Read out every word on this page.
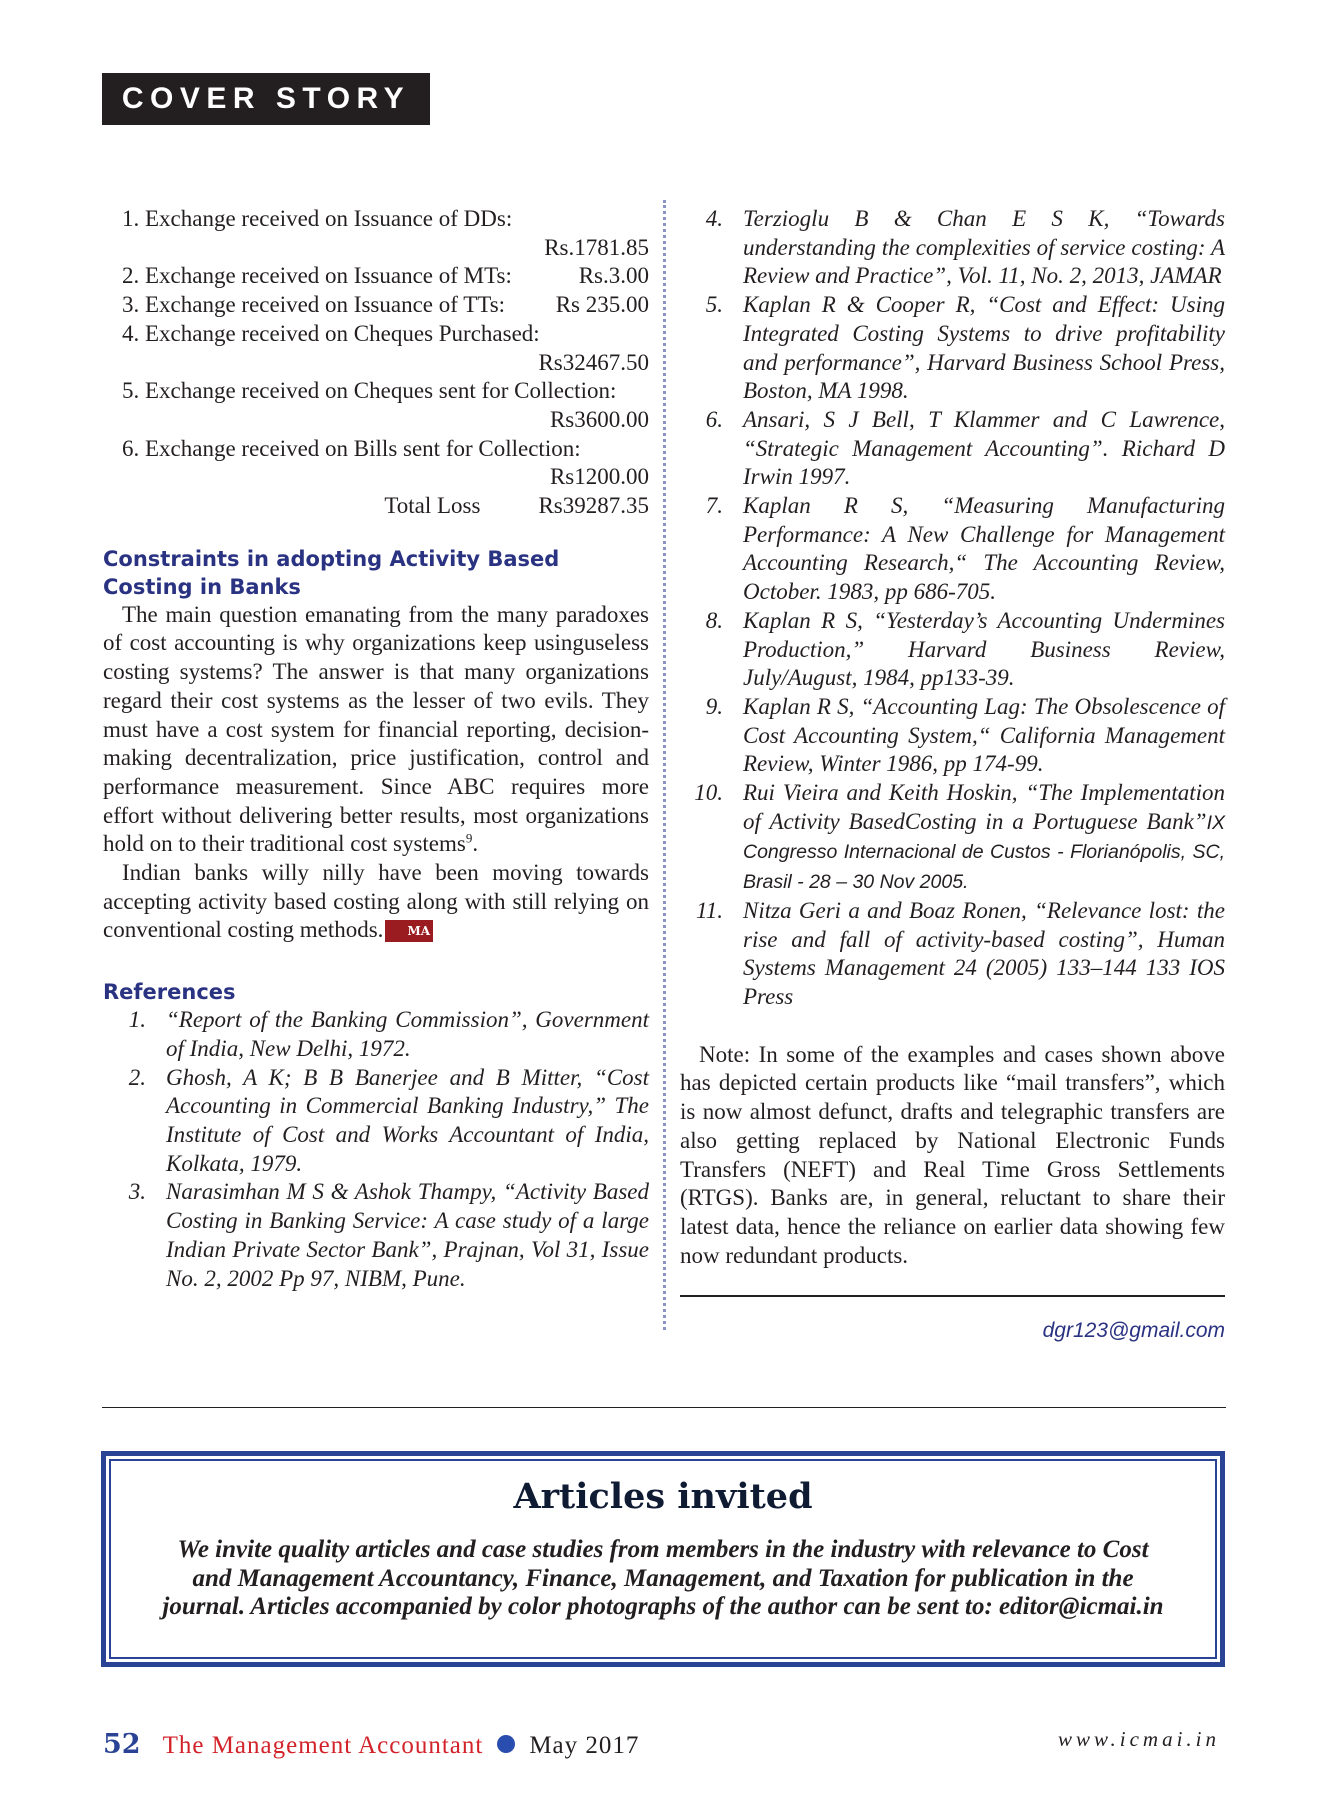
COVER STORY
1. Exchange received on Issuance of DDs:
Rs.1781.85
2. Exchange received on Issuance of MTs:	Rs.3.00
3. Exchange received on Issuance of TTs: Rs 235.00
4. Exchange received on Cheques Purchased:
Rs32467.50
5. Exchange received on Cheques sent for Collection:
Rs3600.00
6. Exchange received on Bills sent for Collection:
Rs1200.00
Total Loss	Rs39287.35
Constraints in adopting Activity Based Costing in Banks

The main question emanating from the many paradoxes of cost accounting is why organizations keep usinguseless costing systems? The answer is that many organizations regard their cost systems as the lesser of two evils. They must have a cost system for financial reporting, decision-making decentralization, price justification, control and performance measurement. Since ABC requires more effort without delivering better results, most organizations hold on to their traditional cost systems$^9$.

Indian banks willy nilly have been moving towards accepting activity based costing along with still relying on conventional costing methods. MA

References
1. “Report of the Banking Commission”, Government of India, New Delhi, 1972.
2. Ghosh, A K; B B Banerjee and B Mitter, “Cost Accounting in Commercial Banking Industry,” The Institute of Cost and Works Accountant of India, Kolkata, 1979.
3. Narasimhan M S & Ashok Thampy, “Activity Based Costing in Banking Service: A case study of a large Indian Private Sector Bank”, Prajnan, Vol 31, Issue No. 2, 2002 Pp 97, NIBM, Pune.
4. Terzioglu B & Chan E S K, “Towards understanding the complexities of service costing: A Review and Practice”, Vol. 11, No. 2, 2013, JAMAR
5. Kaplan R & Cooper R, “Cost and Effect: Using Integrated Costing Systems to drive profitability and performance”, Harvard Business School Press, Boston, MA 1998.
6. Ansari, S J Bell, T Klammer and C Lawrence, “Strategic Management Accounting”. Richard D Irwin 1997.
7. Kaplan R S, “Measuring Manufacturing Performance: A New Challenge for Management Accounting Research,“ The Accounting Review, October. 1983, pp 686-705.
8. Kaplan R S, “Yesterday’s Accounting Undermines Production,” Harvard Business Review, July/August, 1984, pp133-39.
9. Kaplan R S, “Accounting Lag: The Obsolescence of Cost Accounting System,“ California Management Review, Winter 1986, pp 174-99.
10. Rui Vieira and Keith Hoskin, “The Implementation of Activity BasedCosting in a Portuguese Bank”IX Congresso Internacional de Custos - Florianópolis, SC, Brasil - 28 – 30 Nov 2005.
11. Nitza Geri a and Boaz Ronen, “Relevance lost: the rise and fall of activity-based costing”, Human Systems Management 24 (2005) 133–144 133 IOS Press

Note: In some of the examples and cases shown above has depicted certain products like “mail transfers”, which is now almost defunct, drafts and telegraphic transfers are also getting replaced by National Electronic Funds Transfers (NEFT) and Real Time Gross Settlements (RTGS). Banks are, in general, reluctant to share their latest data, hence the reliance on earlier data showing few now redundant products.

dgr123@gmail.com
Articles invited
We invite quality articles and case studies from members in the industry with relevance to Cost
and Management Accountancy, Finance, Management, and Taxation for publication in the
journal. Articles accompanied by color photographs of the author can be sent to: editor@icmai.in
52 The Management Accountant May 2017	www.icmai.in
